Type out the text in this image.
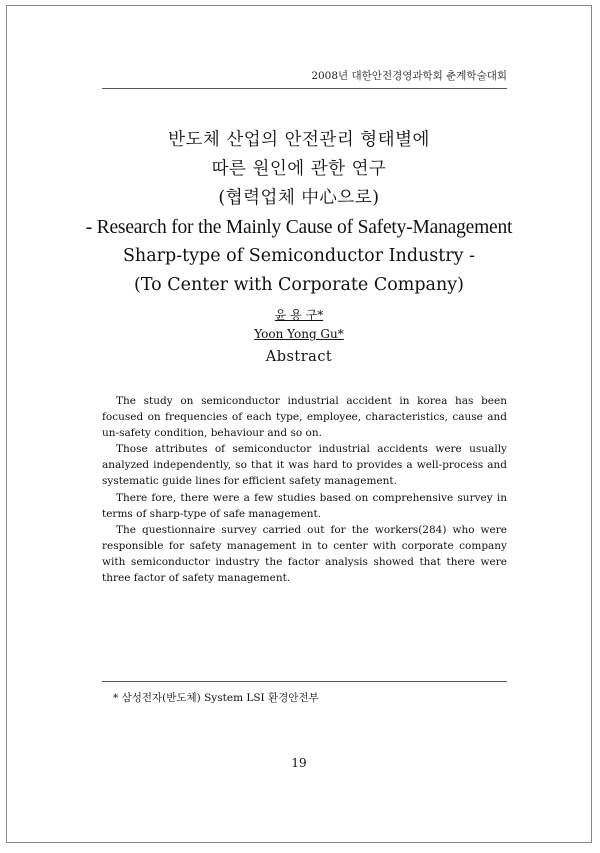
2008년 대한안전경영과학회 춘계학술대회
반도체 산업의 안전관리 형태별에
따른 원인에 관한 연구
(협력업체 中心으로)
- Research for the Mainly Cause of Safety-Management
Sharp-type of Semiconductor Industry -
(To Center with Corporate Company)
윤 용 구*
Yoon Yong Gu*
Abstract

The study on semiconductor industrial accident in korea has been focused on frequencies of each type, employee, characteristics, cause and un-safety condition, behaviour and so on.

Those attributes of semiconductor industrial accidents were usually analyzed independently, so that it was hard to provides a well-process and systematic guide lines for efficient safety management.

There fore, there were a few studies based on comprehensive survey in terms of sharp-type of safe management.

The questionnaire survey carried out for the workers(284) who were responsible for safety management in to center with corporate company with semiconductor industry the factor analysis showed that there were three factor of safety management.

* 삼성전자(반도체) System LSI 환경안전부
19
